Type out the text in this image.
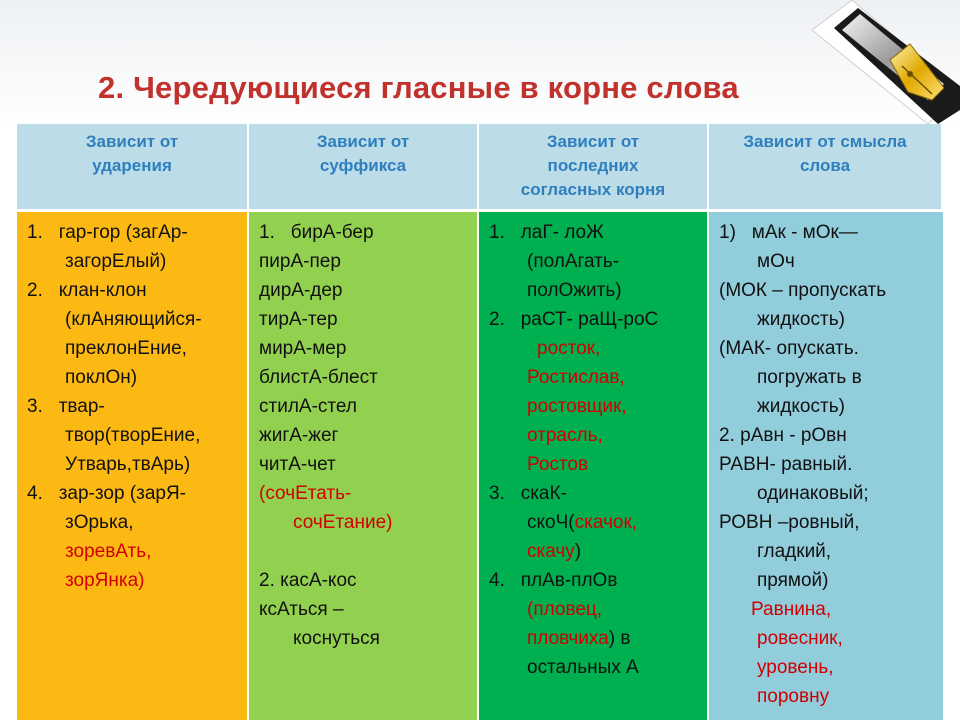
2. Чередующиеся гласные в корне слова
Зависит от
ударения
Зависит от
суффикса
Зависит от
последних
согласных корня
Зависит от смысла
слова
1. гар-гор (загАр-
загорЕлый)
2. клан-клон
(клАняющийся-
преклонЕние,
поклОн)
3. твар-
твор(творЕние,
Утварь,твАрь)
4. зар-зор (зарЯ-
зОрька,
зоревАть,
зорЯнка)
1. бирА-бер
пирА-пер
дирА-дер
тирА-тер
мирА-мер
блистА-блест
стилА-стел
жигА-жег
читА-чет
(сочЕтать-
сочЕтание)
2. касА-кос
ксАться –
коснуться
1. лаГ- лоЖ
(полАгать-
полОжить)
2. раСТ- раЩ-роС
росток,
Ростислав,
ростовщик,
отрасль,
Ростов
3. скаК-
скоЧ(скачок,
скачу)
4. плАв-плОв
(пловец,
пловчиха) в
остальных А
1) мАк - мОк—
мОч
(МОК – пропускать
жидкость)
(МАК- опускать.
погружать в
жидкость)
2. рАвн - рОвн
РАВН- равный.
одинаковый;
РОВН –ровный,
гладкий,
прямой)
Равнина,
ровесник,
уровень,
поровну
